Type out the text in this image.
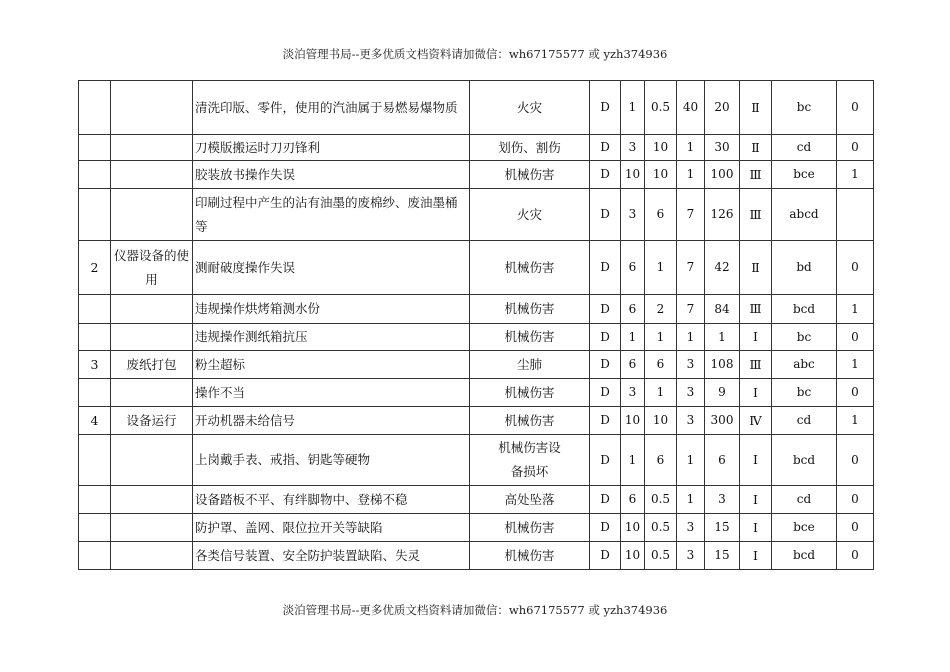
淡泊管理书局--更多优质文档资料请加微信：wh67175577 或 yzh374936
		清洗印版、零件，使用的汽油属于易燃易爆物质	火灾	D	1	0.5	40	20	Ⅱ	bc	0
		刀模版搬运时刀刃锋利	划伤、割伤	D	3	10	1	30	Ⅱ	cd	0
		胶装放书操作失误	机械伤害	D	10	10	1	100	Ⅲ	bce	1
		印刷过程中产生的沾有油墨的废棉纱、废油墨桶等	火灾	D	3	6	7	126	Ⅲ	abcd	
2	仪器设备的使用	测耐破度操作失误	机械伤害	D	6	1	7	42	Ⅱ	bd	0
		违规操作烘烤箱测水份	机械伤害	D	6	2	7	84	Ⅲ	bcd	1
		违规操作测纸箱抗压	机械伤害	D	1	1	1	1	Ⅰ	bc	0
3	废纸打包	粉尘超标	尘肺	D	6	6	3	108	Ⅲ	abc	1
		操作不当	机械伤害	D	3	1	3	9	Ⅰ	bc	0
4	设备运行	开动机器未给信号	机械伤害	D	10	10	3	300	Ⅳ	cd	1
		上岗戴手表、戒指、钥匙等硬物	机械伤害设备损坏	D	1	6	1	6	Ⅰ	bcd	0
		设备踏板不平、有绊脚物中、登梯不稳	高处坠落	D	6	0.5	1	3	Ⅰ	cd	0
		防护罩、盖网、限位拉开关等缺陷	机械伤害	D	10	0.5	3	15	Ⅰ	bce	0
		各类信号装置、安全防护装置缺陷、失灵	机械伤害	D	10	0.5	3	15	Ⅰ	bcd	0
淡泊管理书局--更多优质文档资料请加微信：wh67175577 或 yzh374936
